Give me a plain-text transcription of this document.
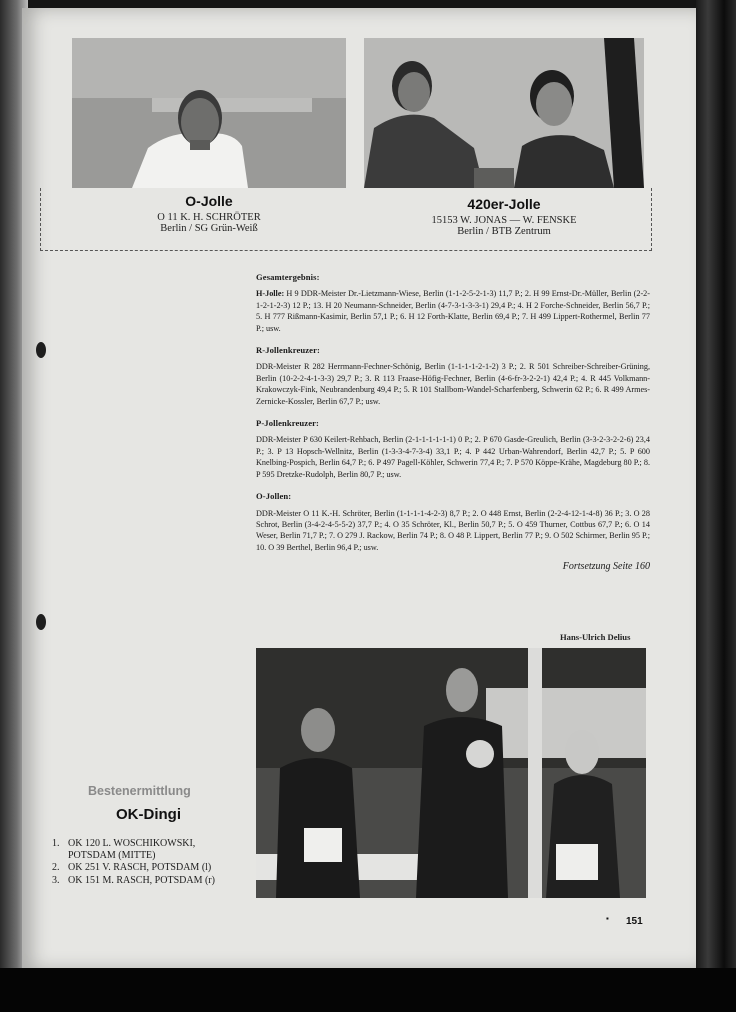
O-Jolle
O 11 K. H. SCHRÖTER
Berlin / SG Grün-Weiß
420er-Jolle
15153 W. JONAS — W. FENSKE
Berlin / BTB Zentrum
Gesamtergebnis:

H-Jolle: H 9 DDR-Meister Dr.-Lietzmann-Wiese, Berlin (1-1-2-5-2-1-3) 11,7 P.; 2. H 99 Ernst-Dr.-Müller, Berlin (2-2-1-2-1-2-3) 12 P.; 13. H 20 Neumann-Schneider, Berlin (4-7-3-1-3-3-1) 29,4 P.; 4. H 2 Forche-Schneider, Berlin 56,7 P.; 5. H 777 Rißmann-Kasimir, Berlin 57,1 P.; 6. H 12 Forth-Klatte, Berlin 69,4 P.; 7. H 499 Lippert-Rothermel, Berlin 77 P.; usw.

R-Jollenkreuzer:

DDR-Meister R 282 Herrmann-Fechner-Schönig, Berlin (1-1-1-1-2-1-2) 3 P.; 2. R 501 Schreiber-Schreiber-Grüning, Berlin (10-2-2-4-1-3-3) 29,7 P.; 3. R 113 Fraase-Höfig-Fechner, Berlin (4-6-fr-3-2-2-1) 42,4 P.; 4. R 445 Volkmann-Krakowczyk-Fink, Neubrandenburg 49,4 P.; 5. R 101 Stallbom-Wandel-Scharfenberg, Schwerin 62 P.; 6. R 499 Armes-Zernicke-Kossler, Berlin 67,7 P.; usw.

P-Jollenkreuzer:

DDR-Meister P 630 Keilert-Rehbach, Berlin (2-1-1-1-1-1-1) 0 P.; 2. P 670 Gasde-Greulich, Berlin (3-3-2-3-2-2-6) 23,4 P.; 3. P 13 Hopsch-Wellnitz, Berlin (1-3-3-4-7-3-4) 33,1 P.; 4. P 442 Urban-Wahrendorf, Berlin 42,7 P.; 5. P 600 Knelbing-Pospich, Berlin 64,7 P.; 6. P 497 Pagell-Köhler, Schwerin 77,4 P.; 7. P 570 Köppe-Krähe, Magdeburg 80 P.; 8. P 595 Dretzke-Rudolph, Berlin 80,7 P.; usw.

O-Jollen:

DDR-Meister O 11 K.-H. Schröter, Berlin (1-1-1-1-4-2-3) 8,7 P.; 2. O 448 Ernst, Berlin (2-2-4-12-1-4-8) 36 P.; 3. O 28 Schrot, Berlin (3-4-2-4-5-5-2) 37,7 P.; 4. O 35 Schröter, Kl., Berlin 50,7 P.; 5. O 459 Thurner, Cottbus 67,7 P.; 6. O 14 Weser, Berlin 71,7 P.; 7. O 279 J. Rackow, Berlin 74 P.; 8. O 48 P. Lippert, Berlin 77 P.; 9. O 502 Schirmer, Berlin 95 P.; 10. O 39 Berthel, Berlin 96,4 P.; usw.

Fortsetzung Seite 160
Hans-Ulrich Delius
Bestenermittlung
OK-Dingi
1. OK 120 L. WOSCHIKOWSKI,
POTSDAM (MITTE)
2. OK 251 V. RASCH, POTSDAM (l)
3. OK 151 M. RASCH, POTSDAM (r)
▪ 151
